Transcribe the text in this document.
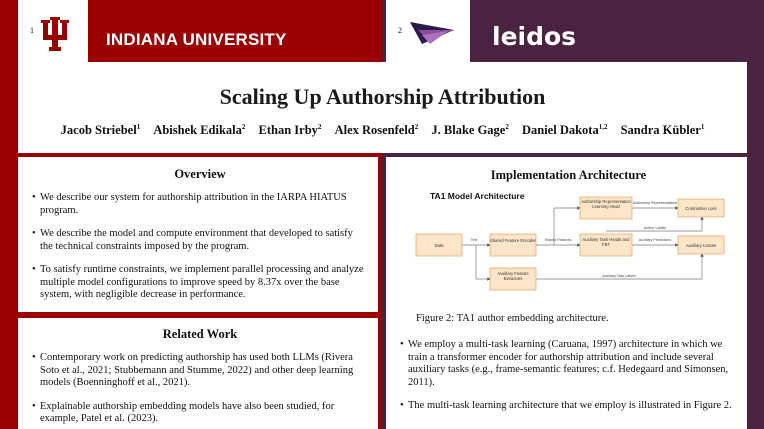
1	INDIANA UNIVERSITY	2	leidos
Scaling Up Authorship Attribution
Jacob Striebel$^1$ Abishek Edikala$^2$ Ethan Irby$^2$ Alex Rosenfeld$^2$ J. Blake Gage$^2$ Daniel Dakota$^{1,2}$ Sandra Kübler$^1$
Overview
• We describe our system for authorship attribution in the IARPA HIATUS program.
• We describe the model and compute environment that developed to satisfy the technical constraints imposed by the program.
• To satisfy runtime constraints, we implement parallel processing and analyze multiple model configurations to improve speed by 8.37x over the base system, with negligible decrease in performance.
Related Work
• Contemporary work on predicting authorship has used both LLMs (Rivera Soto et al., 2021; Stubbemann and Stumme, 2022) and other deep learning models (Boenninghoff et al., 2021).
• Explainable authorship embedding models have also been studied, for example, Patel et al. (2023).
Implementation Architecture
TA1 Model Architecture
Data
Shared Feature Encoder
Authorship Representation Learning Head	Contrastive Loss
Auxiliary Task Heads and FBT	Auxiliary Losses
Auxiliary Feature Extractors
Text	Shared Features
Authorship Representations
Author Labels
Auxiliary Predictions
Auxiliary Task Labels
Figure 2: TA1 author embedding architecture.
• We employ a multi-task learning (Caruana, 1997) architecture in which we train a transformer encoder for authorship attribution and include several auxiliary tasks (e.g., frame-semantic features; c.f. Hedegaard and Simonsen, 2011).
• The multi-task learning architecture that we employ is illustrated in Figure 2.
